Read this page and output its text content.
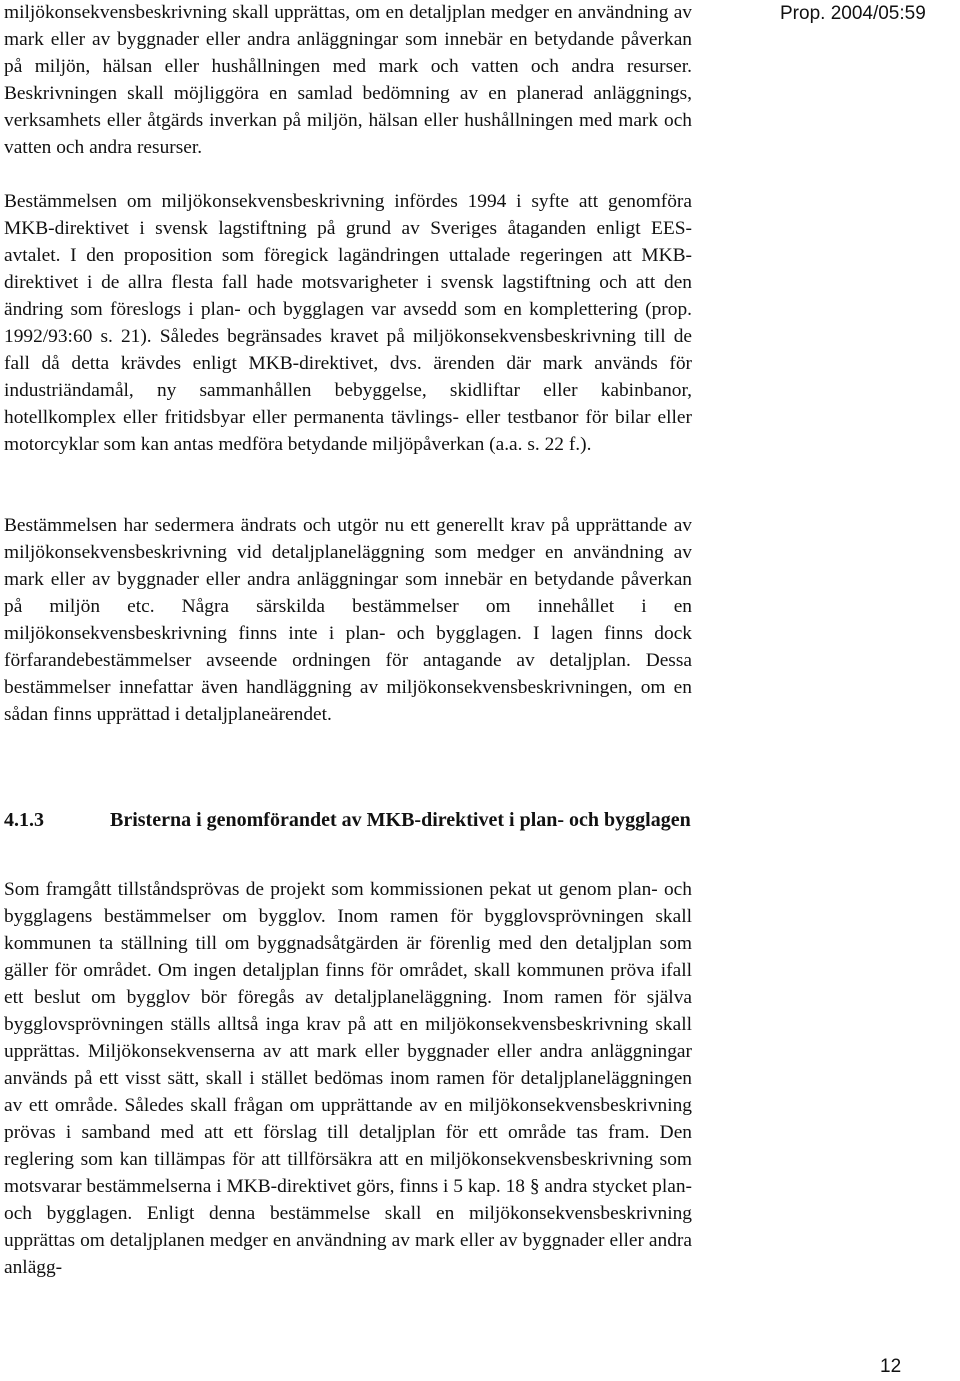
Prop. 2004/05:59

miljökonsekvensbeskrivning skall upprättas, om en detaljplan medger en användning av mark eller av byggnader eller andra anläggningar som innebär en betydande påverkan på miljön, hälsan eller hushållningen med mark och vatten och andra resurser. Beskrivningen skall möjliggöra en samlad bedömning av en planerad anläggnings, verksamhets eller åtgärds inverkan på miljön, hälsan eller hushållningen med mark och vatten och andra resurser.

Bestämmelsen om miljökonsekvensbeskrivning infördes 1994 i syfte att genomföra MKB-direktivet i svensk lagstiftning på grund av Sveriges åtaganden enligt EES-avtalet. I den proposition som föregick lagändringen uttalade regeringen att MKB-direktivet i de allra flesta fall hade motsvarigheter i svensk lagstiftning och att den ändring som föreslogs i plan- och bygglagen var avsedd som en komplettering (prop. 1992/93:60 s. 21). Således begränsades kravet på miljökonsekvensbeskrivning till de fall då detta krävdes enligt MKB-direktivet, dvs. ärenden där mark används för industriändamål, ny sammanhållen bebyggelse, skidliftar eller kabinbanor, hotellkomplex eller fritidsbyar eller permanenta tävlings- eller testbanor för bilar eller motorcyklar som kan antas medföra betydande miljöpåverkan (a.a. s. 22 f.).

Bestämmelsen har sedermera ändrats och utgör nu ett generellt krav på upprättande av miljökonsekvensbeskrivning vid detaljplaneläggning som medger en användning av mark eller av byggnader eller andra anläggningar som innebär en betydande påverkan på miljön etc. Några särskilda bestämmelser om innehållet i en miljökonsekvensbeskrivning finns inte i plan- och bygglagen. I lagen finns dock förfarandebestämmelser avseende ordningen för antagande av detaljplan. Dessa bestämmelser innefattar även handläggning av miljökonsekvensbeskrivningen, om en sådan finns upprättad i detaljplaneärendet.

4.1.3	Bristerna i genomförandet av MKB-direktivet i plan- och bygglagen

Som framgått tillståndsprövas de projekt som kommissionen pekat ut genom plan- och bygglagens bestämmelser om bygglov. Inom ramen för bygglovsprövningen skall kommunen ta ställning till om byggnadsåtgärden är förenlig med den detaljplan som gäller för området. Om ingen detaljplan finns för området, skall kommunen pröva ifall ett beslut om bygglov bör föregås av detaljplaneläggning. Inom ramen för själva bygglovsprövningen ställs alltså inga krav på att en miljökonsekvensbeskrivning skall upprättas. Miljökonsekvenserna av att mark eller byggnader eller andra anläggningar används på ett visst sätt, skall i stället bedömas inom ramen för detaljplaneläggningen av ett område. Således skall frågan om upprättande av en miljökonsekvensbeskrivning prövas i samband med att ett förslag till detaljplan för ett område tas fram. Den reglering som kan tillämpas för att tillförsäkra att en miljökonsekvensbeskrivning som motsvarar bestämmelserna i MKB-direktivet görs, finns i 5 kap. 18 § andra stycket plan- och bygglagen. Enligt denna bestämmelse skall en miljökonsekvensbeskrivning upprättas om detaljplanen medger en användning av mark eller av byggnader eller andra anlägg-

12
